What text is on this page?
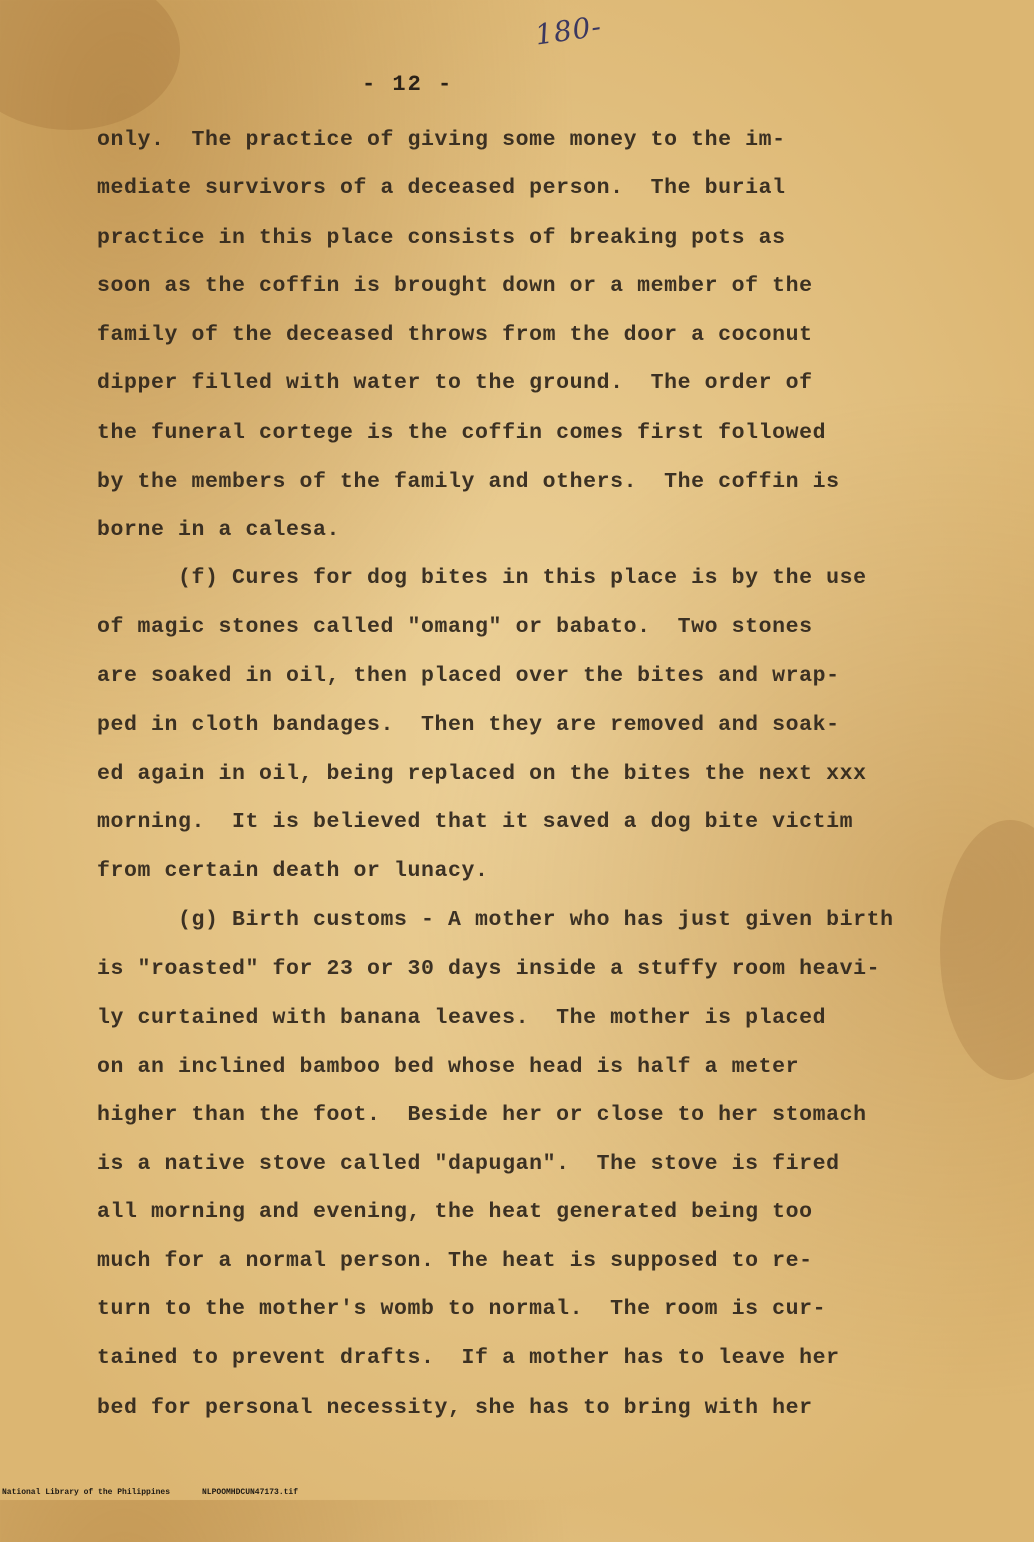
180-
- 12 -
only.  The practice of giving some money to the im-
mediate survivors of a deceased person.  The burial
practice in this place consists of breaking pots as
soon as the coffin is brought down or a member of the
family of the deceased throws from the door a coconut
dipper filled with water to the ground.  The order of
the funeral cortege is the coffin comes first followed
by the members of the family and others.  The coffin is
borne in a calesa.
(f) Cures for dog bites in this place is by the use
of magic stones called "omang" or babato.  Two stones
are soaked in oil, then placed over the bites and wrap-
ped in cloth bandages.  Then they are removed and soak-
ed again in oil, being replaced on the bites the next xxx
morning.  It is believed that it saved a dog bite victim
from certain death or lunacy.
(g) Birth customs - A mother who has just given birth
is "roasted" for 23 or 30 days inside a stuffy room heavi-
ly curtained with banana leaves.  The mother is placed
on an inclined bamboo bed whose head is half a meter
higher than the foot.  Beside her or close to her stomach
is a native stove called "dapugan".  The stove is fired
all morning and evening, the heat generated being too
much for a normal person. The heat is supposed to re-
turn to the mother's womb to normal.  The room is cur-
tained to prevent drafts.  If a mother has to leave her
bed for personal necessity, she has to bring with her

National Library of the Philippines

	NLPOOMHDCUN47173.tif
